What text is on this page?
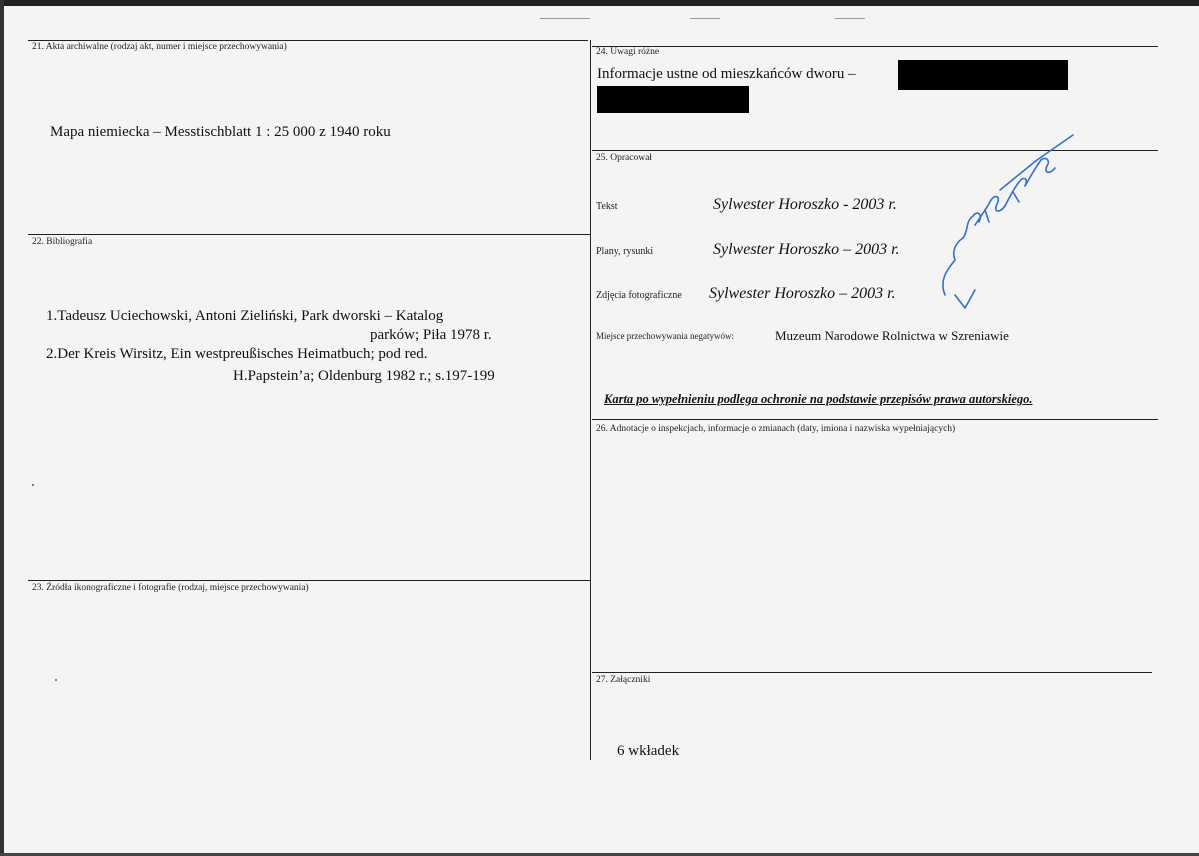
21. Akta archiwalne (rodzaj akt, numer i miejsce przechowywania)
Mapa niemiecka – Messtischblatt 1 : 25 000 z 1940 roku
22. Bibliografia
1.Tadeusz Uciechowski, Antoni Zieliński, Park dworski – Katalog
parków; Piła 1978 r.
2.Der Kreis Wirsitz, Ein westpreußisches Heimatbuch; pod red.
H.Papstein’a; Oldenburg 1982 r.; s.197-199
23. Źródła ikonograficzne i fotografie (rodzaj, miejsce przechowywania)
24. Uwagi różne
Informacje ustne od mieszkańców dworu –
25. Opracował
Tekst	Sylwester Horoszko - 2003 r.
Plany, rysunki	Sylwester Horoszko – 2003 r.
Zdjęcia fotograficzne Sylwester Horoszko – 2003 r.
Miejsce przechowywania negatywów:	Muzeum Narodowe Rolnictwa w Szreniawie
Karta po wypełnieniu podlega ochronie na podstawie przepisów prawa autorskiego.
26. Adnotacje o inspekcjach, informacje o zmianach (daty, imiona i nazwiska wypełniających)
27. Załączniki
6 wkładek
